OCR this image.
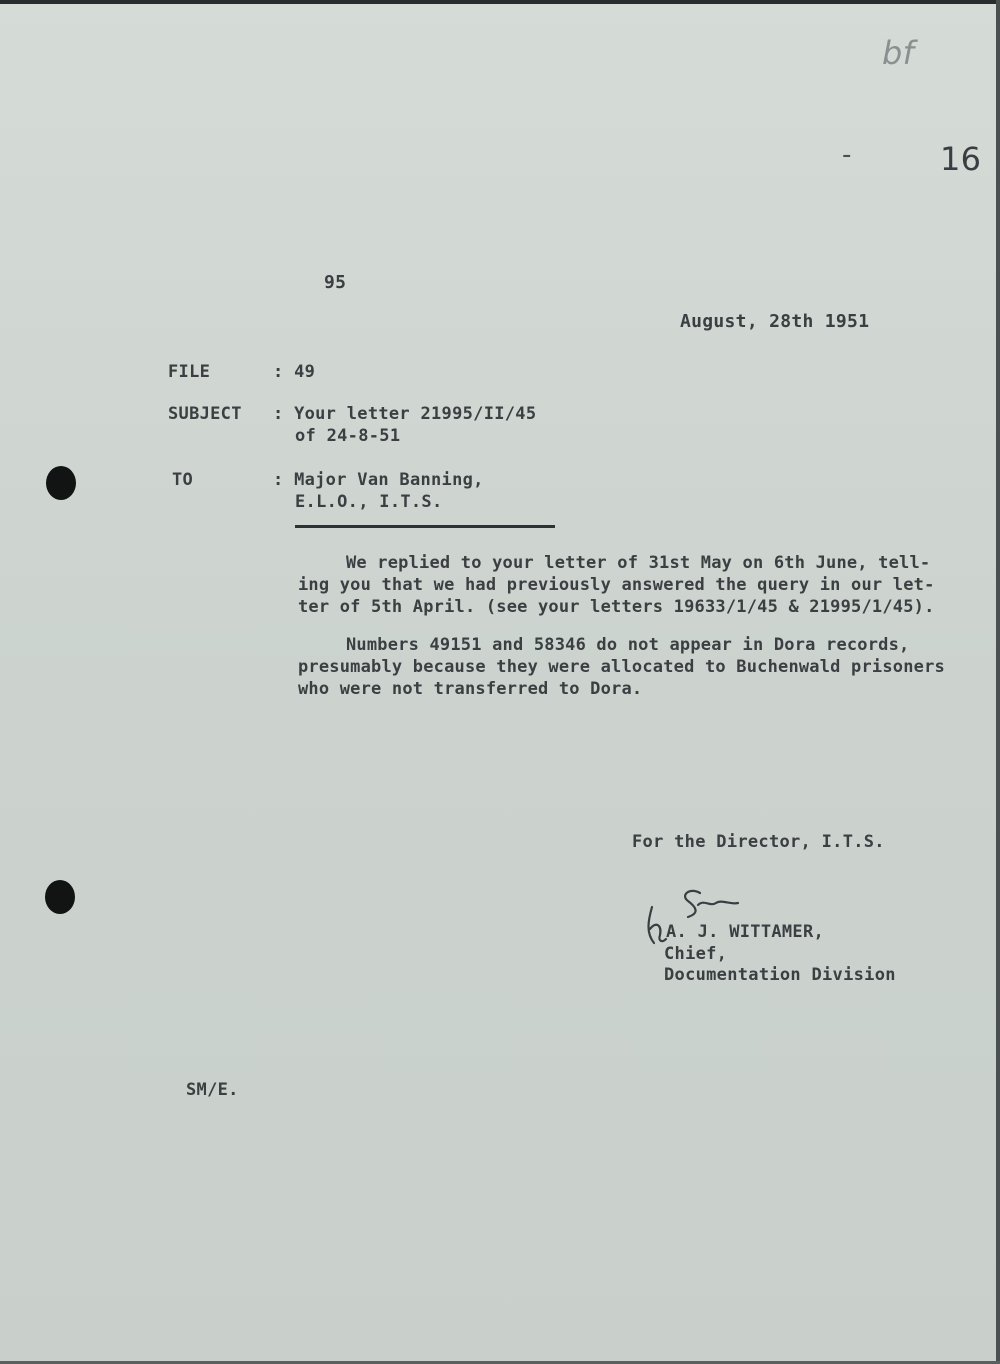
bf
-	16
95
August, 28th 1951
FILE	: 49
SUBJECT : Your letter 21995/II/45
of 24-8-51
TO	: Major Van Banning,
E.L.O., I.T.S.
We replied to your letter of 31st May on 6th June, tell-
ing you that we had previously answered the query in our let-
ter of 5th April. (see your letters 19633/1/45 & 21995/1/45).
Numbers 49151 and 58346 do not appear in Dora records,
presumably because they were allocated to Buchenwald prisoners
who were not transferred to Dora.
For the Director, I.T.S.
A. J. WITTAMER,
Chief,
Documentation Division
SM/E.
